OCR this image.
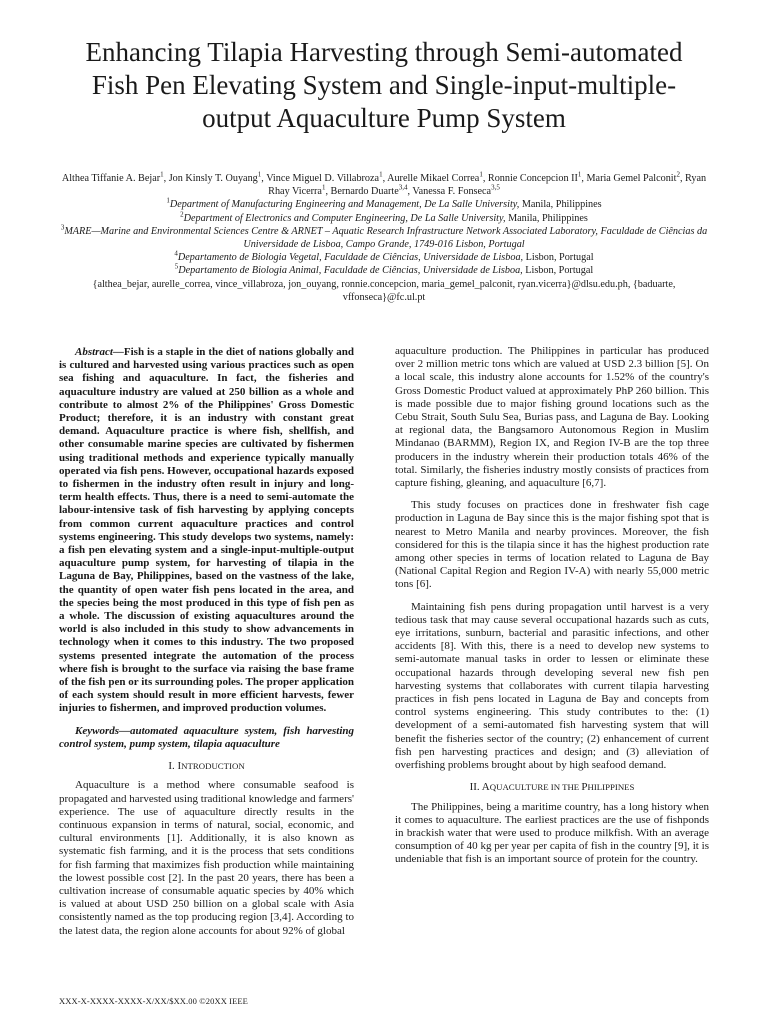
Enhancing Tilapia Harvesting through Semi-automated Fish Pen Elevating System and Single-input-multiple-output Aquaculture Pump System
Althea Tiffanie A. Bejar$^1$, Jon Kinsly T. Ouyang$^1$, Vince Miguel D. Villabroza$^1$, Aurelle Mikael Correa$^1$, Ronnie Concepcion $II^1$, Maria Gemel Palconit$^2$, Ryan Rhay Vicerra$^1$, Bernardo Duarte$^{3,4}$, Vanessa F. Fonseca$^{3,5}$
$^1$Department of Manufacturing Engineering and Management, De La Salle University, Manila, Philippines
$^2$Department of Electronics and Computer Engineering, De La Salle University, Manila, Philippines
$^3$MARE—Marine and Environmental Sciences Centre & ARNET – Aquatic Research Infrastructure Network Associated Laboratory, Faculdade de Ciências da Universidade de Lisboa, Campo Grande, 1749-016 Lisbon, Portugal
$^4$Departamento de Biologia Vegetal, Faculdade de Ciências, Universidade de Lisboa, Lisbon, Portugal
$^5$Departamento de Biologia Animal, Faculdade de Ciências, Universidade de Lisboa, Lisbon, Portugal
{althea_bejar, aurelle_correa, vince_villabroza, jon_ouyang, ronnie.concepcion, maria_gemel_palconit, ryan.vicerra}@dlsu.edu.ph, {baduarte, vffonseca}@fc.ul.pt

Abstract—Fish is a staple in the diet of nations globally and is cultured and harvested using various practices such as open sea fishing and aquaculture. In fact, the fisheries and aquaculture industry are valued at 250 billion as a whole and contribute to almost 2% of the Philippines' Gross Domestic Product; therefore, it is an industry with constant great demand. Aquaculture practice is where fish, shellfish, and other consumable marine species are cultivated by fishermen using traditional methods and experience typically manually operated via fish pens. However, occupational hazards exposed to fishermen in the industry often result in injury and long-term health effects. Thus, there is a need to semi-automate the labour-intensive task of fish harvesting by applying concepts from common current aquaculture practices and control systems engineering. This study develops two systems, namely: a fish pen elevating system and a single-input-multiple-output aquaculture pump system, for harvesting of tilapia in the Laguna de Bay, Philippines, based on the vastness of the lake, the quantity of open water fish pens located in the area, and the species being the most produced in this type of fish pen as a whole. The discussion of existing aquacultures around the world is also included in this study to show advancements in technology when it comes to this industry. The two proposed systems presented integrate the automation of the process where fish is brought to the surface via raising the base frame of the fish pen or its surrounding poles. The proper application of each system should result in more efficient harvests, fewer injuries to fishermen, and improved production volumes.

Keywords—automated aquaculture system, fish harvesting control system, pump system, tilapia aquaculture

I. INTRODUCTION

Aquaculture is a method where consumable seafood is propagated and harvested using traditional knowledge and farmers' experience. The use of aquaculture directly results in the continuous expansion in terms of natural, social, economic, and cultural environments [1]. Additionally, it is also known as systematic fish farming, and it is the process that sets conditions for fish farming that maximizes fish production while maintaining the lowest possible cost [2]. In the past 20 years, there has been a cultivation increase of consumable aquatic species by 40% which is valued at about USD 250 billion on a global scale with Asia consistently named as the top producing region [3,4]. According to the latest data, the region alone accounts for about 92% of global

aquaculture production. The Philippines in particular has produced over 2 million metric tons which are valued at USD 2.3 billion [5]. On a local scale, this industry alone accounts for 1.52% of the country's Gross Domestic Product valued at approximately PhP 260 billion. This is made possible due to major fishing ground locations such as the Cebu Strait, South Sulu Sea, Burias pass, and Laguna de Bay. Looking at regional data, the Bangsamoro Autonomous Region in Muslim Mindanao (BARMM), Region IX, and Region IV-B are the top three producers in the industry wherein their production totals 46% of the total. Similarly, the fisheries industry mostly consists of practices from capture fishing, gleaning, and aquaculture [6,7].

This study focuses on practices done in freshwater fish cage production in Laguna de Bay since this is the major fishing spot that is nearest to Metro Manila and nearby provinces. Moreover, the fish considered for this is the tilapia since it has the highest production rate among other species in terms of location related to Laguna de Bay (National Capital Region and Region IV-A) with nearly 55,000 metric tons [6].

Maintaining fish pens during propagation until harvest is a very tedious task that may cause several occupational hazards such as cuts, eye irritations, sunburn, bacterial and parasitic infections, and other accidents [8]. With this, there is a need to develop new systems to semi-automate manual tasks in order to lessen or eliminate these occupational hazards through developing several new fish pen harvesting systems that collaborates with current tilapia harvesting practices in fish pens located in Laguna de Bay and concepts from control systems engineering. This study contributes to the: (1) development of a semi-automated fish harvesting system that will benefit the fisheries sector of the country; (2) enhancement of current fish pen harvesting practices and design; and (3) alleviation of overfishing problems brought about by high seafood demand.

II. AQUACULTURE IN THE PHILIPPINES

The Philippines, being a maritime country, has a long history when it comes to aquaculture. The earliest practices are the use of fishponds in brackish water that were used to produce milkfish. With an average consumption of 40 kg per year per capita of fish in the country [9], it is undeniable that fish is an important source of protein for the country.

XXX-X-XXXX-XXXX-X/XX/$XX.00 ©20XX IEEE
